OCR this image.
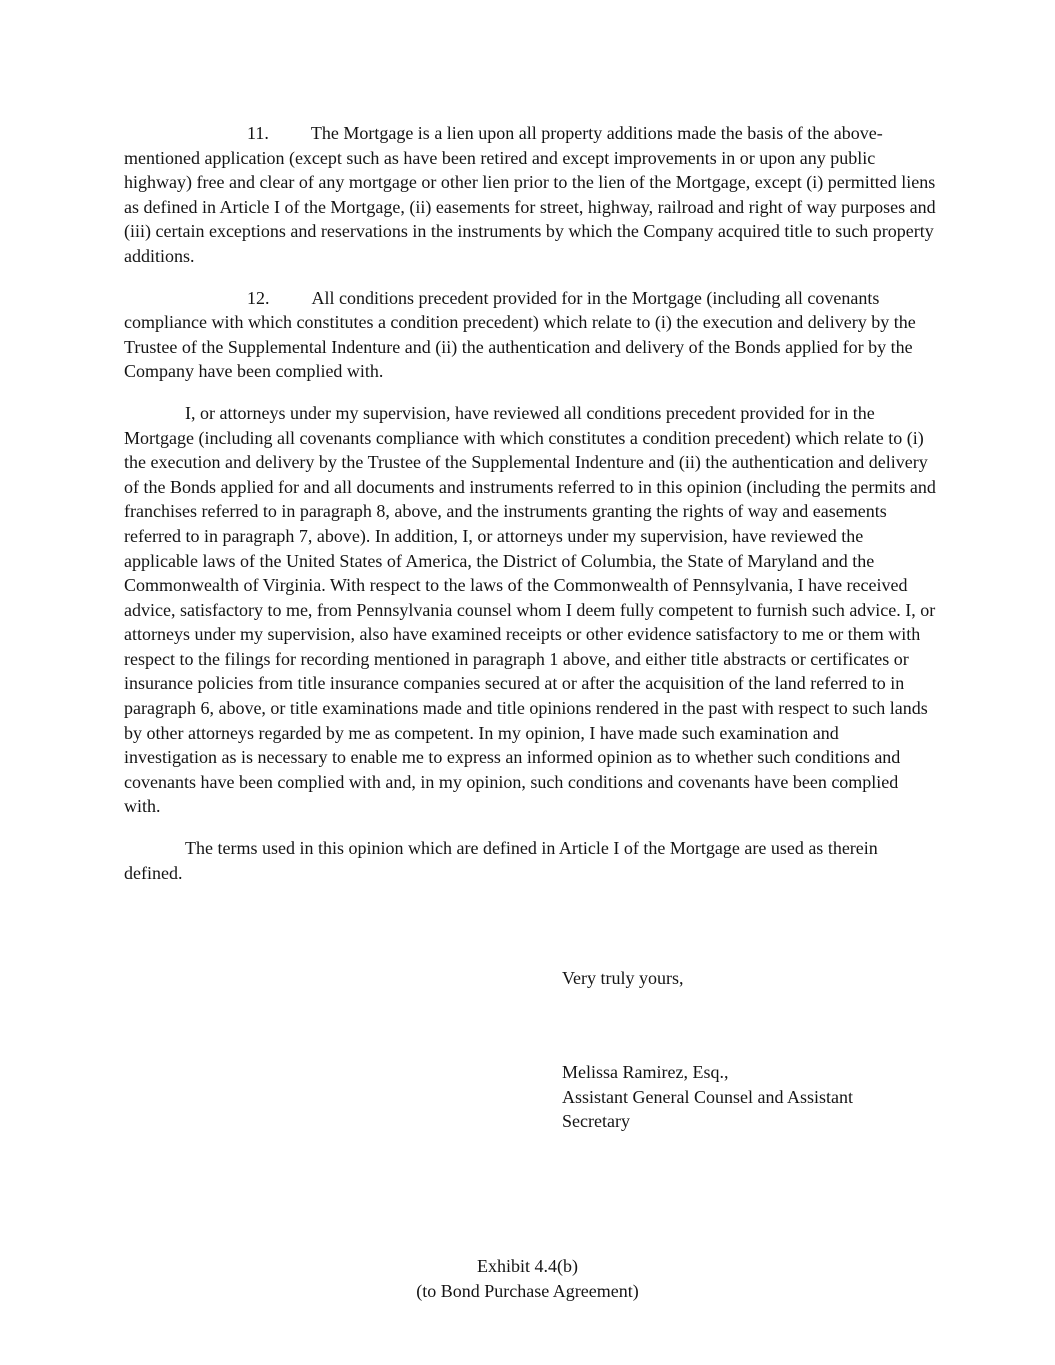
11. The Mortgage is a lien upon all property additions made the basis of the above-mentioned application (except such as have been retired and except improvements in or upon any public highway) free and clear of any mortgage or other lien prior to the lien of the Mortgage, except (i) permitted liens as defined in Article I of the Mortgage, (ii) easements for street, highway, railroad and right of way purposes and (iii) certain exceptions and reservations in the instruments by which the Company acquired title to such property additions.

12. All conditions precedent provided for in the Mortgage (including all covenants compliance with which constitutes a condition precedent) which relate to (i) the execution and delivery by the Trustee of the Supplemental Indenture and (ii) the authentication and delivery of the Bonds applied for by the Company have been complied with.

I, or attorneys under my supervision, have reviewed all conditions precedent provided for in the Mortgage (including all covenants compliance with which constitutes a condition precedent) which relate to (i) the execution and delivery by the Trustee of the Supplemental Indenture and (ii) the authentication and delivery of the Bonds applied for and all documents and instruments referred to in this opinion (including the permits and franchises referred to in paragraph 8, above, and the instruments granting the rights of way and easements referred to in paragraph 7, above). In addition, I, or attorneys under my supervision, have reviewed the applicable laws of the United States of America, the District of Columbia, the State of Maryland and the Commonwealth of Virginia. With respect to the laws of the Commonwealth of Pennsylvania, I have received advice, satisfactory to me, from Pennsylvania counsel whom I deem fully competent to furnish such advice. I, or attorneys under my supervision, also have examined receipts or other evidence satisfactory to me or them with respect to the filings for recording mentioned in paragraph 1 above, and either title abstracts or certificates or insurance policies from title insurance companies secured at or after the acquisition of the land referred to in paragraph 6, above, or title examinations made and title opinions rendered in the past with respect to such lands by other attorneys regarded by me as competent. In my opinion, I have made such examination and investigation as is necessary to enable me to express an informed opinion as to whether such conditions and covenants have been complied with and, in my opinion, such conditions and covenants have been complied with.

The terms used in this opinion which are defined in Article I of the Mortgage are used as therein defined.

Very truly yours,
Melissa Ramirez, Esq.,
Assistant General Counsel and Assistant Secretary
Exhibit 4.4(b)
(to Bond Purchase Agreement)
